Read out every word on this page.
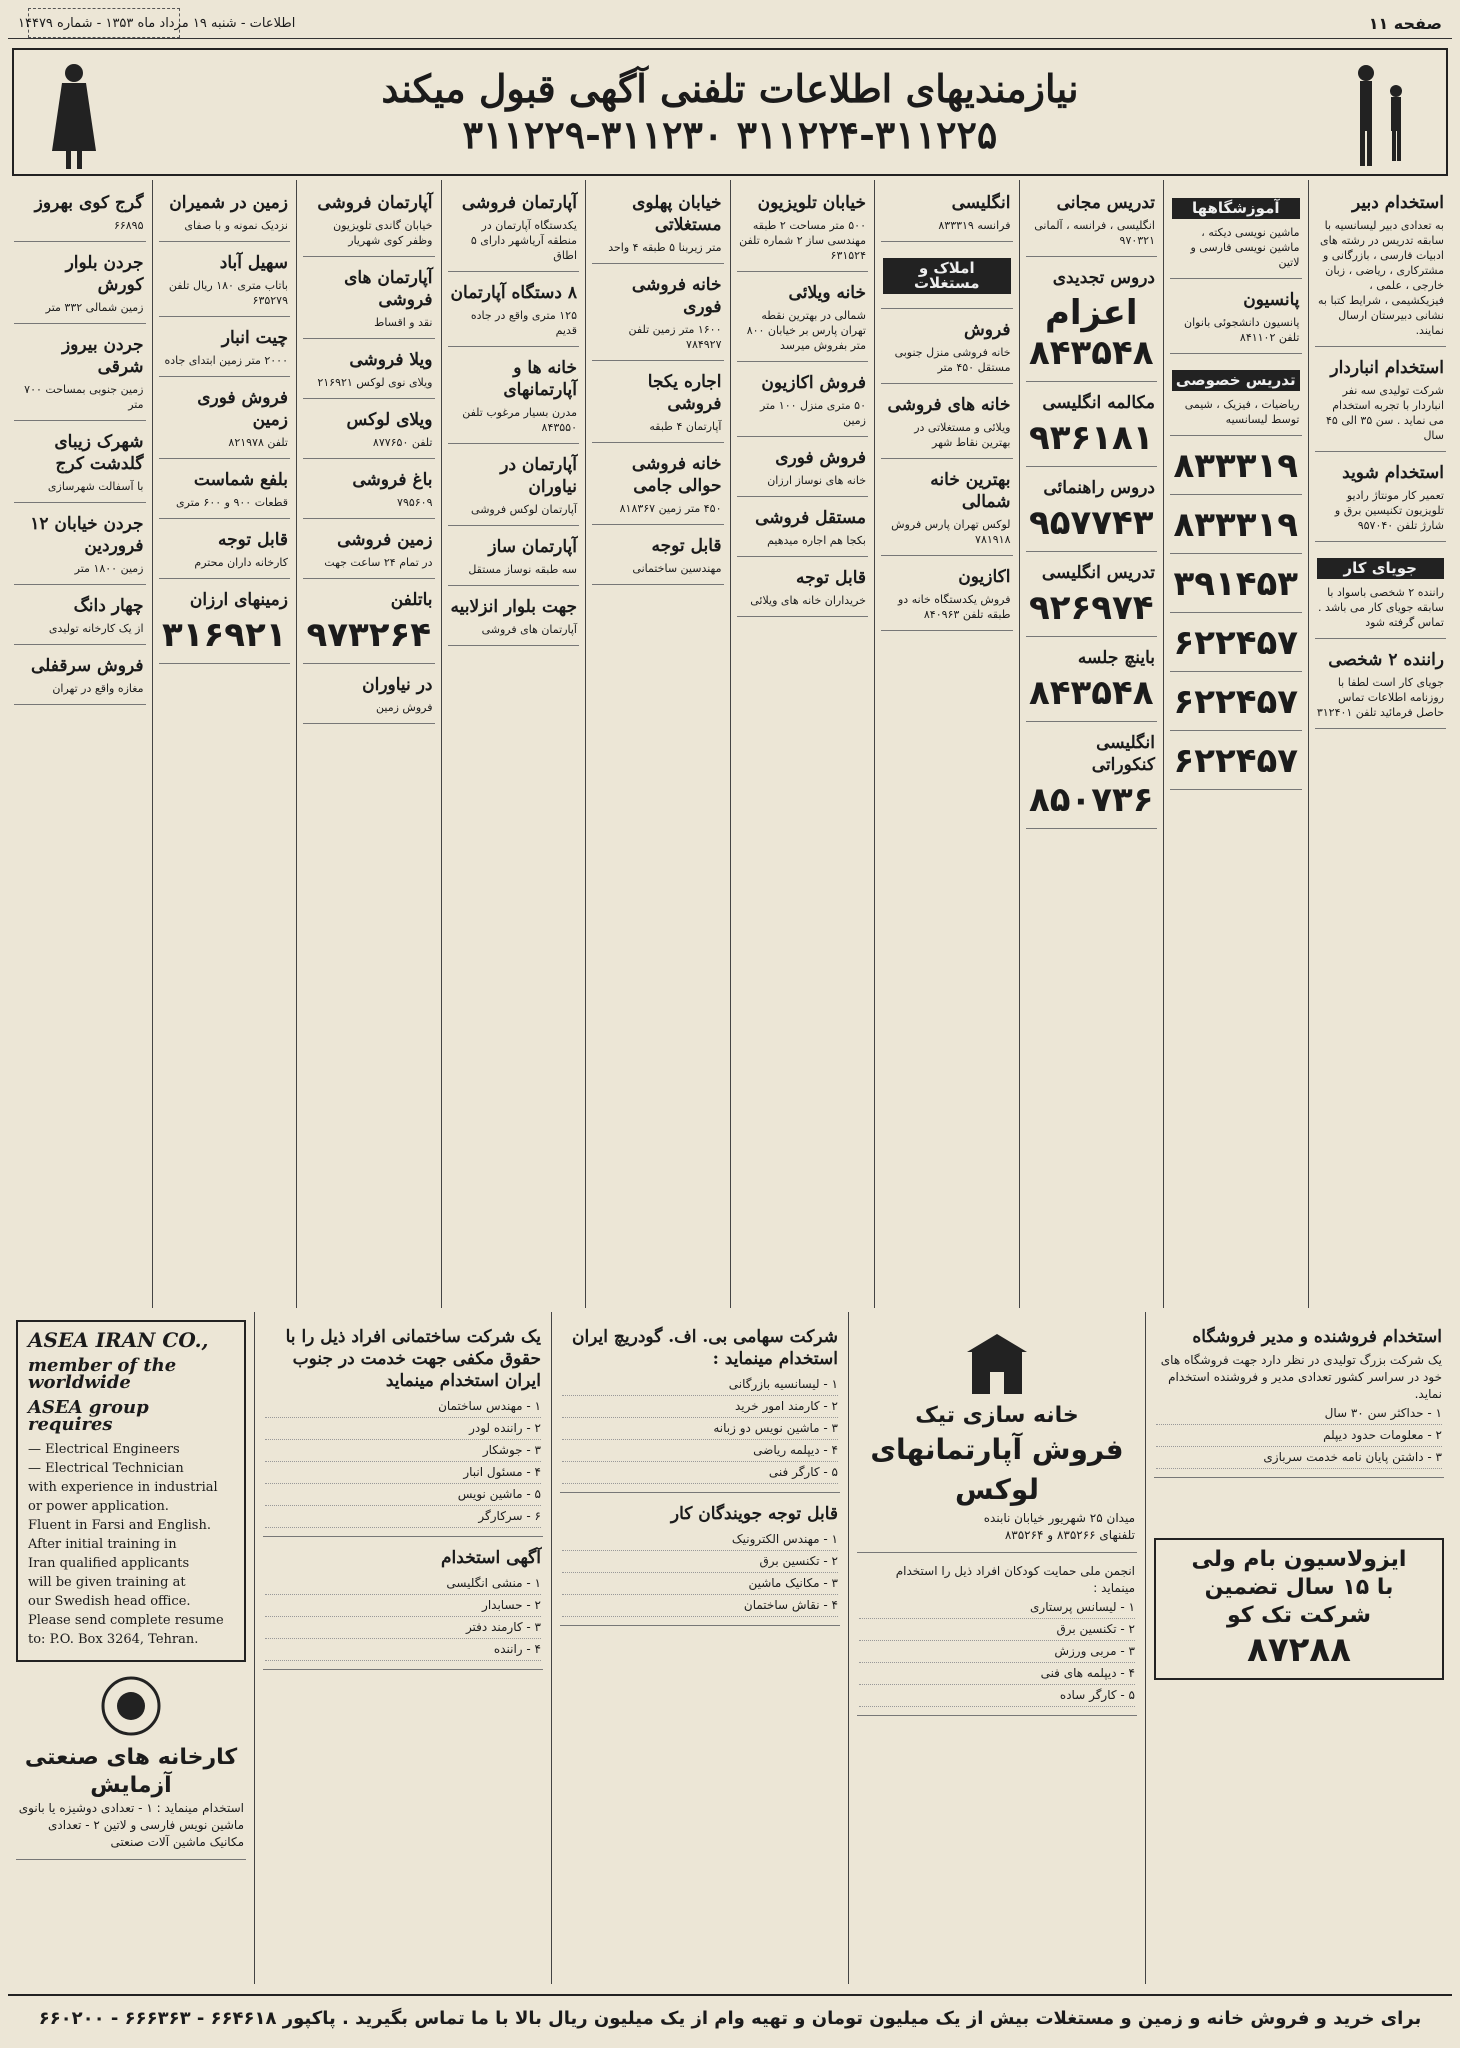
صفحه ۱۱
اطلاعات - شنبه ۱۹ مرداد ماه ۱۳۵۳ - شماره ۱۴۴۷۹
نیازمندیهای اطلاعات تلفنی آگهی قبول میکند
۳۱۱۲۲۴-۳۱۱۲۲۵ ۳۱۱۲۲۹-۳۱۱۲۳۰
استخدام دبیر

به تعدادی دبیر لیسانسیه با سابقه تدریس در رشته های ادبیات فارسی ، بازرگانی و مشترکاری ، ریاضی ، زبان خارجی ، علمی ، فیزیکشیمی ، شرایط کتبا به نشانی دبیرستان ارسال نمایند.

استخدام انباردار

شرکت تولیدی سه نفر انباردار با تجربه استخدام می نماید . سن ۳۵ الی ۴۵ سال

استخدام شوید

تعمیر کار مونتاژ رادیو تلویزیون تکنیسین برق و شارژ تلفن ۹۵۷۰۴۰

جویای کار

راننده ۲ شخصی باسواد با سابقه جویای کار می باشد . تماس گرفته شود

راننده ۲ شخصی

جویای کار است لطفا با روزنامه اطلاعات تماس حاصل فرمائید تلفن ۳۱۲۴۰۱

آموزشگاهها

ماشین نویسی دیکته ، ماشین نویسی فارسی و لاتین

پانسیون

پانسیون دانشجوئی بانوان تلفن ۸۴۱۱۰۲

تدریس خصوصی

ریاضیات ، فیزیک ، شیمی توسط لیسانسیه

۸۳۳۳۱۹
۸۳۳۳۱۹
۳۹۱۴۵۳
۶۲۲۴۵۷
۶۲۲۴۵۷
۶۲۲۴۵۷
تدریس مجانی

انگلیسی ، فرانسه ، آلمانی ۹۷۰۳۲۱

دروس تجدیدی
اعزام
۸۴۳۵۴۸
مکالمه انگلیسی
۹۳۶۱۸۱
دروس راهنمائی
۹۵۷۷۴۳
تدریس انگلیسی
۹۲۶۹۷۴
باینچ جلسه
۸۴۳۵۴۸
انگلیسی کنکوراتی
۸۵۰۷۳۶
انگلیسی

فرانسه ۸۳۳۳۱۹

املاک و مستغلات
فروش

خانه فروشی منزل جنوبی مستقل ۴۵۰ متر

خانه های فروشی

ویلائی و مستغلاتی در بهترین نقاط شهر

بهترین خانه شمالی

لوکس تهران پارس فروش ۷۸۱۹۱۸

اکازیون

فروش یکدستگاه خانه دو طبقه تلفن ۸۴۰۹۶۳

خیابان تلویزیون

۵۰۰ متر مساحت ۲ طبقه مهندسی ساز ۲ شماره تلفن ۶۳۱۵۲۴

خانه ویلائی

شمالی در بهترین نقطه تهران پارس بر خیابان ۸۰۰ متر بفروش میرسد

فروش اکازیون

۵۰ متری منزل ۱۰۰ متر زمین

فروش فوری

خانه های نوساز ارزان

مستقل فروشی

بکجا هم اجاره میدهیم

قابل توجه

خریداران خانه های ویلائی

خیابان پهلوی مستغلاتی

متر زیربنا ۵ طبقه ۴ واحد

خانه فروشی فوری

۱۶۰۰ متر زمین تلفن ۷۸۴۹۲۷

اجاره یکجا فروشی

آپارتمان ۴ طبقه

خانه فروشی حوالی جامی

۴۵۰ متر زمین ۸۱۸۳۶۷

قابل توجه

مهندسین ساختمانی

آپارتمان فروشی

یکدستگاه آپارتمان در منطقه آریاشهر دارای ۵ اطاق

۸ دستگاه آپارتمان

۱۲۵ متری واقع در جاده قدیم

خانه ها و آپارتمانهای

مدرن بسیار مرغوب تلفن ۸۴۳۵۵۰

آپارتمان در نیاوران

آپارتمان لوکس فروشی

آپارتمان ساز

سه طبقه نوساز مستقل

جهت بلوار انزلابیه

آپارتمان های فروشی

آپارتمان فروشی

خیابان گاندی تلویزیون وظفر کوی شهریار

آپارتمان های فروشی

نقد و اقساط

ویلا فروشی

ویلای نوی لوکس ۲۱۶۹۲۱

ویلای لوکس

تلفن ۸۷۷۶۵۰

باغ فروشی

۷۹۵۶۰۹

زمین فروشی

در تمام ۲۴ ساعت جهت

باتلفن
۹۷۳۲۶۴
در نیاوران

فروش زمین

زمین در شمیران

نزدیک نمونه و با صفای

سهیل آباد

باتاب متری ۱۸۰ ریال تلفن ۶۳۵۲۷۹

چیت انبار

۲۰۰۰ متر زمین ابتدای جاده

فروش فوری زمین

تلفن ۸۲۱۹۷۸

بلفع شماست

قطعات ۹۰۰ و ۶۰۰ متری

قابل توجه

کارخانه داران محترم

زمینهای ارزان
۳۱۶۹۲۱
گرج کوی بهروز

۶۶۸۹۵

جردن بلوار کورش

زمین شمالی ۳۳۲ متر

جردن بیروز شرقی

زمین جنوبی بمساحت ۷۰۰ متر

شهرک زیبای گلدشت کرج

با آسفالت شهرسازی

جردن خیابان ۱۲ فروردین

زمین ۱۸۰۰ متر

چهار دانگ

از یک کارخانه تولیدی

فروش سرقفلی

مغازه واقع در تهران

استخدام فروشنده و مدیر فروشگاه

یک شرکت بزرگ تولیدی در نظر دارد جهت فروشگاه های خود در سراسر کشور تعدادی مدیر و فروشنده استخدام نماید.

۱ - حداکثر سن ۳۰ سال
۲ - معلومات حدود دیپلم
۳ - داشتن پایان نامه خدمت سربازی
ایزولاسیون بام ولی
با ۱۵ سال تضمین
شرکت تک کو
۸۷۲۸۸
خانه سازی تیک
فروش آپارتمانهای لوکس

میدان ۲۵ شهریور خیابان نابنده

تلفنهای ۸۳۵۲۶۶ و ۸۳۵۲۶۴

انجمن ملی حمایت کودکان افراد ذیل را استخدام مینماید :

۱ - لیسانس پرستاری
۲ - تکنسین برق
۳ - مربی ورزش
۴ - دیپلمه های فنی
۵ - کارگر ساده
شرکت سهامی بی. اف. گودریچ ایران استخدام مینماید :
۱ - لیسانسیه بازرگانی
۲ - کارمند امور خرید
۳ - ماشین نویس دو زبانه
۴ - دیپلمه ریاضی
۵ - کارگر فنی
قابل توجه جویندگان کار
۱ - مهندس الکترونیک
۲ - تکنسین برق
۳ - مکانیک ماشین
۴ - نقاش ساختمان
یک شرکت ساختمانی افراد ذیل را با حقوق مکفی جهت خدمت در جنوب ایران استخدام مینماید
۱ - مهندس ساختمان
۲ - راننده لودر
۳ - جوشکار
۴ - مسئول انبار
۵ - ماشین نویس
۶ - سرکارگر
آگهی استخدام
۱ - منشی انگلیسی
۲ - حسابدار
۳ - کارمند دفتر
۴ - راننده
ASEA IRAN CO.,
member of the worldwide
ASEA group requires

— Electrical Engineers

— Electrical Technician

with experience in industrial

or power application.

Fluent in Farsi and English.

After initial training in

Iran qualified applicants

will be given training at

our Swedish head office.

Please send complete resume

to: P.O. Box 3264, Tehran.

کارخانه های صنعتی آزمایش

استخدام مینماید : ۱ - تعدادی دوشیزه یا بانوی ماشین نویس فارسی و لاتین ۲ - تعدادی مکانیک ماشین آلات صنعتی

برای خرید و فروش خانه و زمین و مستغلات بیش از یک میلیون تومان و تهیه وام از یک میلیون ریال بالا با ما تماس بگیرید . پاکپور ۶۶۴۶۱۸ - ۶۶۶۳۶۳ - ۶۶۰۲۰۰
